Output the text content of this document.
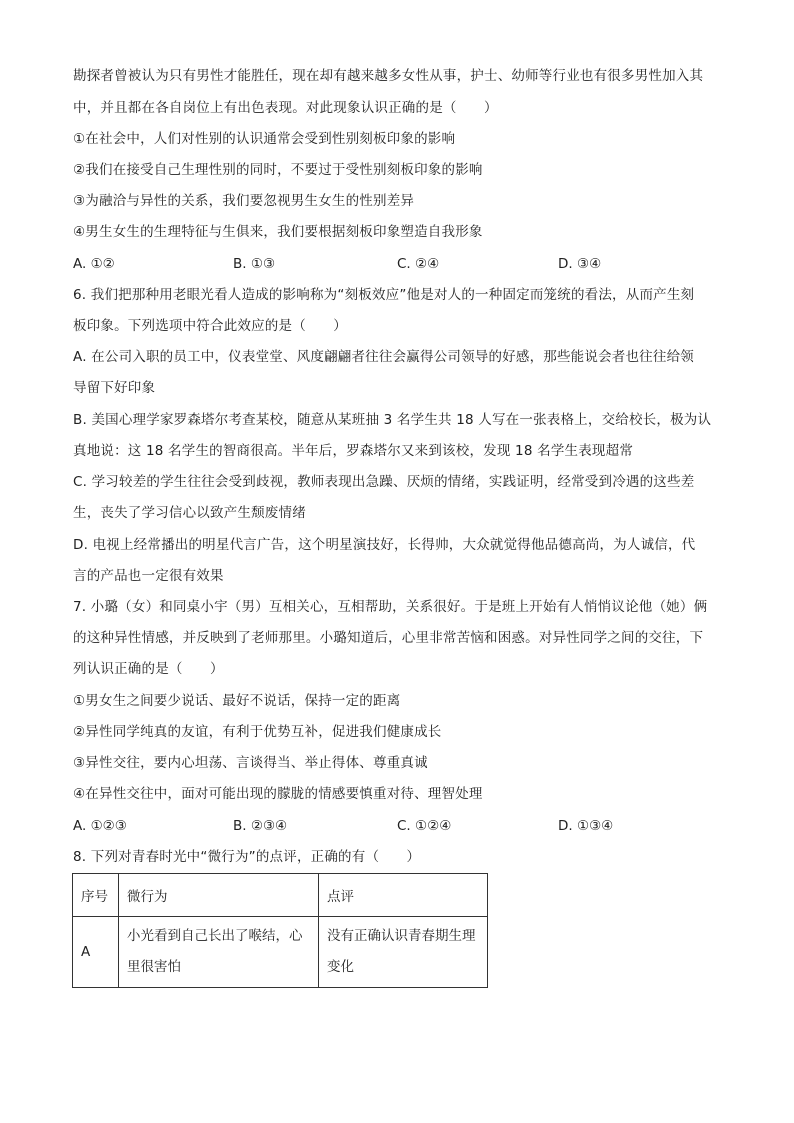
勘探者曾被认为只有男性才能胜任，现在却有越来越多女性从事，护士、幼师等行业也有很多男性加入其
中，并且都在各自岗位上有出色表现。对此现象认识正确的是（　　）
①在社会中，人们对性别的认识通常会受到性别刻板印象的影响
②我们在接受自己生理性别的同时，不要过于受性别刻板印象的影响
③为融洽与异性的关系，我们要忽视男生女生的性别差异
④男生女生的生理特征与生俱来，我们要根据刻板印象塑造自我形象
A. ①②	B. ①③	C. ②④	D. ③④
6. 我们把那种用老眼光看人造成的影响称为“刻板效应”他是对人的一种固定而笼统的看法，从而产生刻
板印象。下列选项中符合此效应的是（　　）
A. 在公司入职的员工中，仪表堂堂、风度翩翩者往往会赢得公司领导的好感，那些能说会者也往往给领
导留下好印象
B. 美国心理学家罗森塔尔考查某校，随意从某班抽 3 名学生共 18 人写在一张表格上，交给校长，极为认
真地说：这 18 名学生的智商很高。半年后，罗森塔尔又来到该校，发现 18 名学生表现超常
C. 学习较差的学生往往会受到歧视，教师表现出急躁、厌烦的情绪，实践证明，经常受到冷遇的这些差
生，丧失了学习信心以致产生颓废情绪
D. 电视上经常播出的明星代言广告，这个明星演技好，长得帅，大众就觉得他品德高尚，为人诚信，代
言的产品也一定很有效果
7. 小璐（女）和同桌小宇（男）互相关心，互相帮助，关系很好。于是班上开始有人悄悄议论他（她）俩
的这种异性情感，并反映到了老师那里。小璐知道后，心里非常苦恼和困惑。对异性同学之间的交往，下
列认识正确的是（　　）
①男女生之间要少说话、最好不说话，保持一定的距离
②异性同学纯真的友谊，有利于优势互补，促进我们健康成长
③异性交往，要内心坦荡、言谈得当、举止得体、尊重真诚
④在异性交往中，面对可能出现的朦胧的情感要慎重对待、理智处理
A. ①②③	B. ②③④	C. ①②④	D. ①③④
8. 下列对青春时光中“微行为”的点评，正确的有（　　）
序号	微行为	点评
A	小光看到自己长出了喉结，心里很害怕	没有正确认识青春期生理变化
